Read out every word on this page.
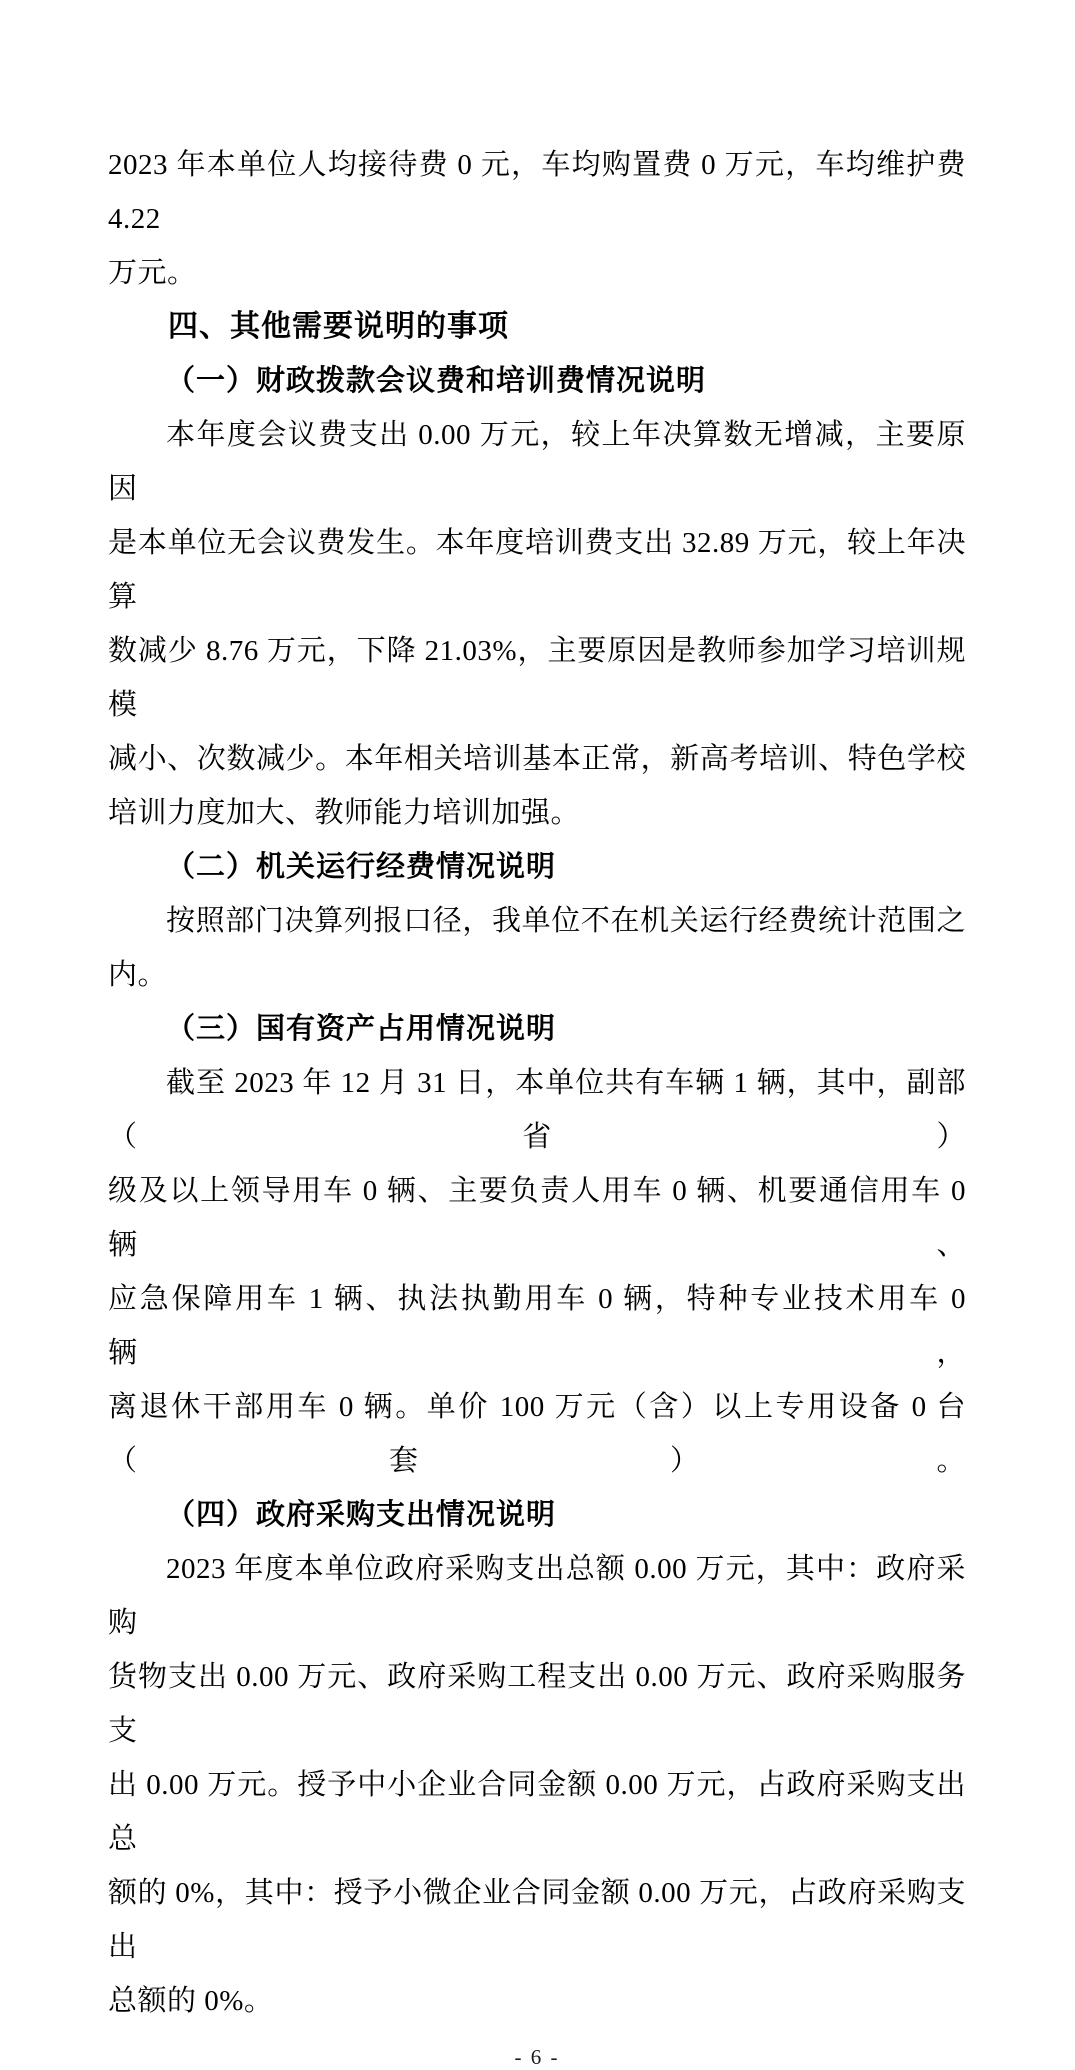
2023 年本单位人均接待费 0 元，车均购置费 0 万元，车均维护费 4.22
万元。
四、其他需要说明的事项
（一）财政拨款会议费和培训费情况说明
本年度会议费支出 0.00 万元，较上年决算数无增减，主要原因
是本单位无会议费发生。本年度培训费支出 32.89 万元，较上年决算
数减少 8.76 万元，下降 21.03%，主要原因是教师参加学习培训规模
减小、次数减少。本年相关培训基本正常，新高考培训、特色学校
培训力度加大、教师能力培训加强。
（二）机关运行经费情况说明
按照部门决算列报口径，我单位不在机关运行经费统计范围之
内。
（三）国有资产占用情况说明
截至 2023 年 12 月 31 日，本单位共有车辆 1 辆，其中，副部（省）
级及以上领导用车 0 辆、主要负责人用车 0 辆、机要通信用车 0 辆、
应急保障用车 1 辆、执法执勤用车 0 辆，特种专业技术用车 0 辆，
离退休干部用车 0 辆。单价 100 万元（含）以上专用设备 0 台（套）。
（四）政府采购支出情况说明
2023 年度本单位政府采购支出总额 0.00 万元，其中：政府采购
货物支出 0.00 万元、政府采购工程支出 0.00 万元、政府采购服务支
出 0.00 万元。授予中小企业合同金额 0.00 万元，占政府采购支出总
额的 0%，其中：授予小微企业合同金额 0.00 万元，占政府采购支出
总额的 0%。
- 6 -
